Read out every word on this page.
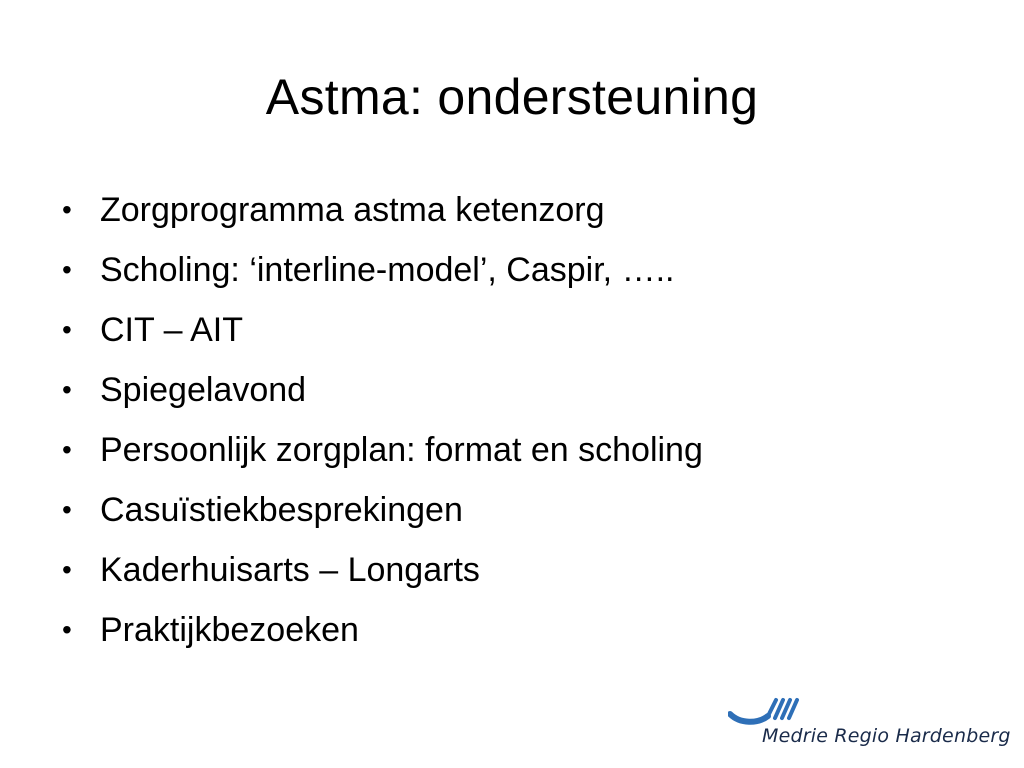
Astma: ondersteuning
• Zorgprogramma astma ketenzorg
• Scholing: ‘interline-model’, Caspir, …..
• CIT – AIT
• Spiegelavond
• Persoonlijk zorgplan: format en scholing
• Casuïstiekbesprekingen
• Kaderhuisarts – Longarts
• Praktijkbezoeken
Medrie Regio Hardenberg
